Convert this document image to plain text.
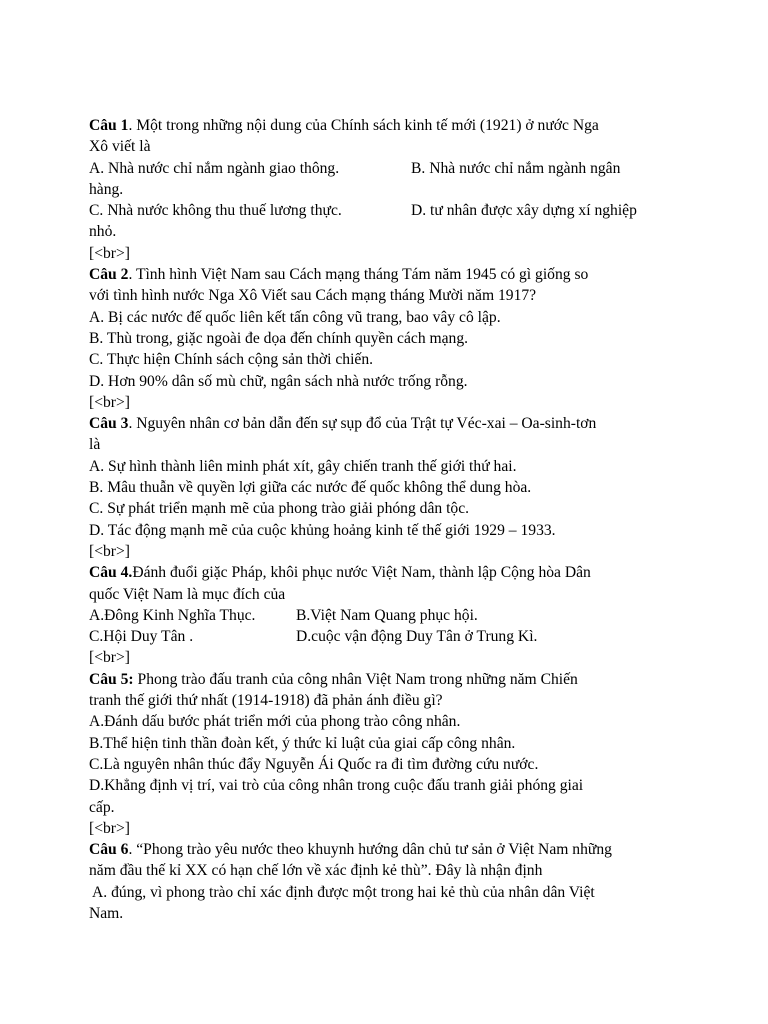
Câu 1. Một trong những nội dung của Chính sách kinh tế mới (1921) ở nước Nga
Xô viết là
A. Nhà nước chỉ nắm ngành giao thông.	B. Nhà nước chỉ nắm ngành ngân
hàng.
C. Nhà nước không thu thuế lương thực.	D. tư nhân được xây dựng xí nghiệp
nhỏ.
[<br>]
Câu 2. Tình hình Việt Nam sau Cách mạng tháng Tám năm 1945 có gì giống so
với tình hình nước Nga Xô Viết sau Cách mạng tháng Mười năm 1917?
A. Bị các nước đế quốc liên kết tấn công vũ trang, bao vây cô lập.
B. Thù trong, giặc ngoài đe dọa đến chính quyền cách mạng.
C. Thực hiện Chính sách cộng sản thời chiến.
D. Hơn 90% dân số mù chữ, ngân sách nhà nước trống rỗng.
[<br>]
Câu 3. Nguyên nhân cơ bản dẫn đến sự sụp đổ của Trật tự Véc-xai – Oa-sinh-tơn
là
A. Sự hình thành liên minh phát xít, gây chiến tranh thế giới thứ hai.
B. Mâu thuẫn về quyền lợi giữa các nước đế quốc không thể dung hòa.
C. Sự phát triển mạnh mẽ của phong trào giải phóng dân tộc.
D. Tác động mạnh mẽ của cuộc khủng hoảng kinh tế thế giới 1929 – 1933.
[<br>]
Câu 4.Đánh đuổi giặc Pháp, khôi phục nước Việt Nam, thành lập Cộng hòa Dân
quốc Việt Nam là mục đích của
A.Đông Kinh Nghĩa Thục.	B.Việt Nam Quang phục hội.
C.Hội Duy Tân .	D.cuộc vận động Duy Tân ở Trung Kì.
[<br>]
Câu 5: Phong trào đấu tranh của công nhân Việt Nam trong những năm Chiến
tranh thế giới thứ nhất (1914-1918) đã phản ánh điều gì?
A.Đánh dấu bước phát triển mới của phong trào công nhân.
B.Thể hiện tinh thần đoàn kết, ý thức kỉ luật của giai cấp công nhân.
C.Là nguyên nhân thúc đẩy Nguyễn Ái Quốc ra đi tìm đường cứu nước.
D.Khẳng định vị trí, vai trò của công nhân trong cuộc đấu tranh giải phóng giai
cấp.
[<br>]
Câu 6. “Phong trào yêu nước theo khuynh hướng dân chủ tư sản ở Việt Nam những
năm đầu thế kỉ XX có hạn chế lớn về xác định kẻ thù”. Đây là nhận định
A. đúng, vì phong trào chỉ xác định được một trong hai kẻ thù của nhân dân Việt
Nam.
